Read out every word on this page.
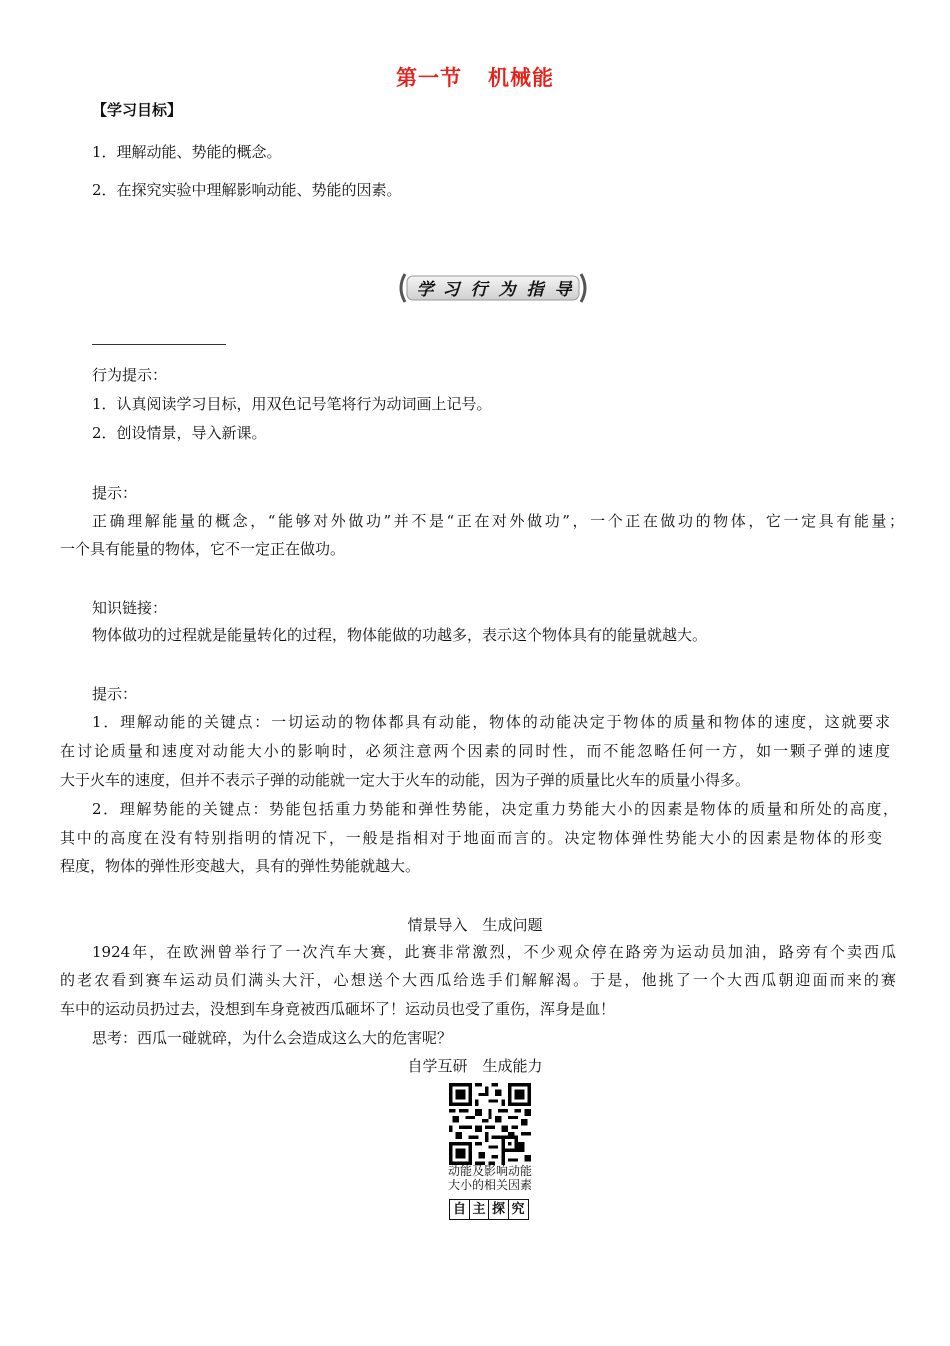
第一节 机械能
【学习目标】
1．理解动能、势能的概念。
2．在探究实验中理解影响动能、势能的因素。
学 习 行 为 指 导
行为提示：
1．认真阅读学习目标，用双色记号笔将行为动词画上记号。
2．创设情景，导入新课。
提示：
正确理解能量的概念，“能够对外做功”并不是“正在对外做功”，一个正在做功的物体，它一定具有能量；
一个具有能量的物体，它不一定正在做功。
知识链接：
物体做功的过程就是能量转化的过程，物体能做的功越多，表示这个物体具有的能量就越大。
提示：
1．理解动能的关键点：一切运动的物体都具有动能，物体的动能决定于物体的质量和物体的速度，这就要求
在讨论质量和速度对动能大小的影响时，必须注意两个因素的同时性，而不能忽略任何一方，如一颗子弹的速度
大于火车的速度，但并不表示子弹的动能就一定大于火车的动能，因为子弹的质量比火车的质量小得多。
2．理解势能的关键点：势能包括重力势能和弹性势能，决定重力势能大小的因素是物体的质量和所处的高度，
其中的高度在没有特别指明的情况下，一般是指相对于地面而言的。决定物体弹性势能大小的因素是物体的形变
程度，物体的弹性形变越大，具有的弹性势能就越大。
情景导入　生成问题
1924年，在欧洲曾举行了一次汽车大赛，此赛非常激烈，不少观众停在路旁为运动员加油，路旁有个卖西瓜
的老农看到赛车运动员们满头大汗，心想送个大西瓜给选手们解解渴。于是，他挑了一个大西瓜朝迎面而来的赛
车中的运动员扔过去，没想到车身竟被西瓜砸坏了！运动员也受了重伤，浑身是血！
思考：西瓜一碰就碎，为什么会造成这么大的危害呢？
自学互研　生成能力
动能及影响动能
大小的相关因素
自 主 探 究
